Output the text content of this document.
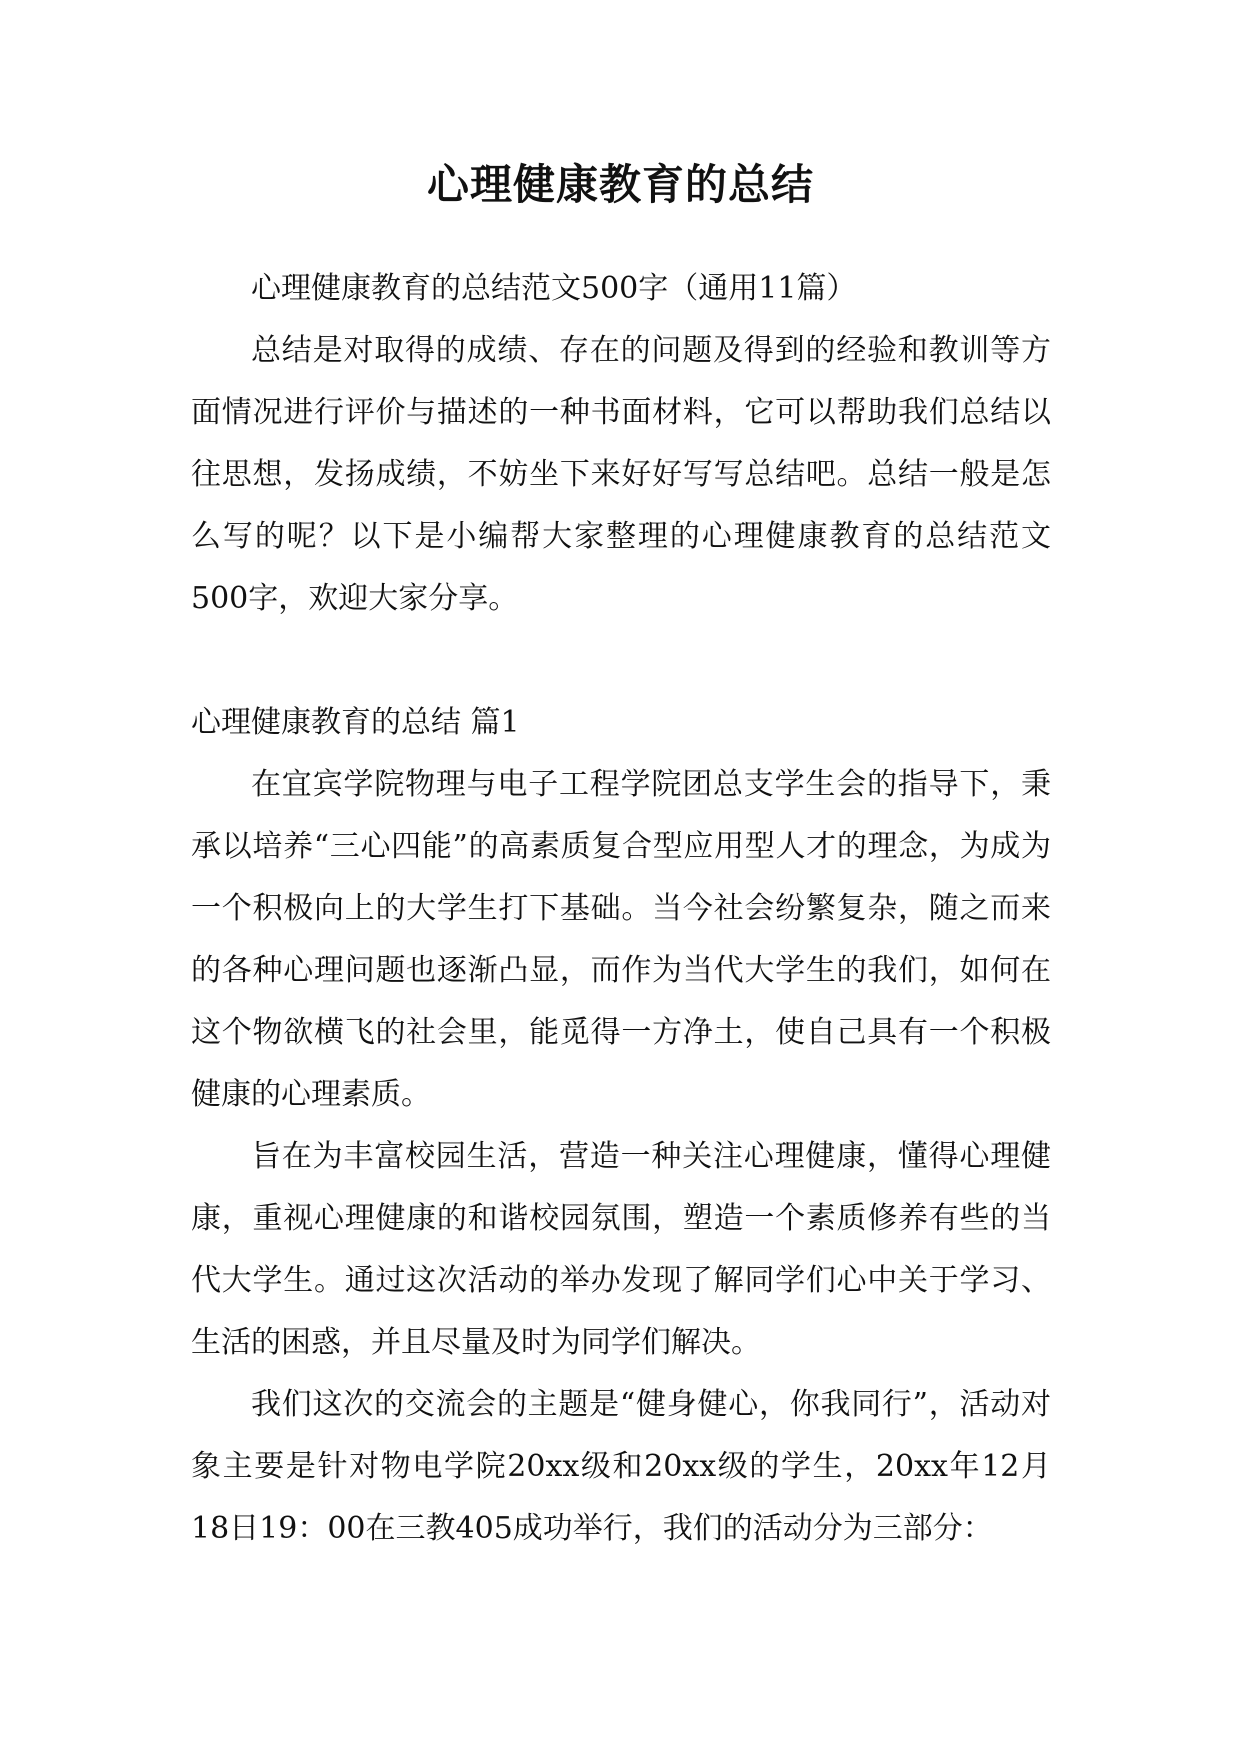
心理健康教育的总结

心理健康教育的总结范文500字（通用11篇）

总结是对取得的成绩、存在的问题及得到的经验和教训等方面情况进行评价与描述的一种书面材料，它可以帮助我们总结以往思想，发扬成绩，不妨坐下来好好写写总结吧。总结一般是怎么写的呢？以下是小编帮大家整理的心理健康教育的总结范文500字，欢迎大家分享。

心理健康教育的总结 篇1

在宜宾学院物理与电子工程学院团总支学生会的指导下，秉承以培养“三心四能”的高素质复合型应用型人才的理念，为成为一个积极向上的大学生打下基础。当今社会纷繁复杂，随之而来的各种心理问题也逐渐凸显，而作为当代大学生的我们，如何在这个物欲横飞的社会里，能觅得一方净土，使自己具有一个积极健康的心理素质。

旨在为丰富校园生活，营造一种关注心理健康，懂得心理健康，重视心理健康的和谐校园氛围，塑造一个素质修养有些的当代大学生。通过这次活动的举办发现了解同学们心中关于学习、生活的困惑，并且尽量及时为同学们解决。

我们这次的交流会的主题是“健身健心，你我同行”，活动对象主要是针对物电学院20xx级和20xx级的学生，20xx年12月18日19：00在三教405成功举行，我们的活动分为三部分：
